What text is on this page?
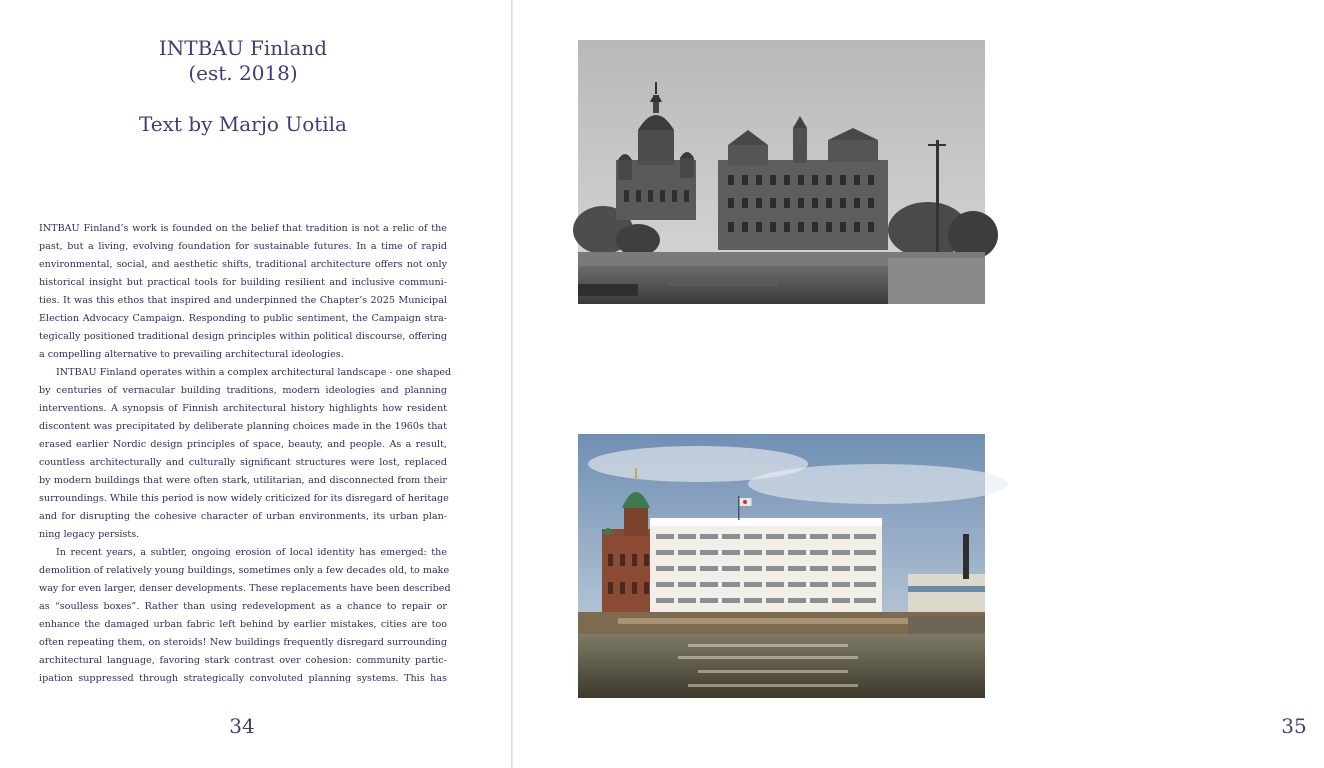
INTBAU Finland
(est. 2018)
Text by Marjo Uotila
INTBAU Finland’s work is founded on the belief that tradition is not a relic of the
past, but a living, evolving foundation for sustainable futures. In a time of rapid
environmental, social, and aesthetic shifts, traditional architecture offers not only
historical insight but practical tools for building resilient and inclusive communi-
ties. It was this ethos that inspired and underpinned the Chapter’s 2025 Municipal
Election Advocacy Campaign. Responding to public sentiment, the Campaign stra-
tegically positioned traditional design principles within political discourse, offering
a compelling alternative to prevailing architectural ideologies.
INTBAU Finland operates within a complex architectural landscape - one shaped
by centuries of vernacular building traditions, modern ideologies and planning
interventions. A synopsis of Finnish architectural history highlights how resident
discontent was precipitated by deliberate planning choices made in the 1960s that
erased earlier Nordic design principles of space, beauty, and people. As a result,
countless architecturally and culturally significant structures were lost, replaced
by modern buildings that were often stark, utilitarian, and disconnected from their
surroundings. While this period is now widely criticized for its disregard of heritage
and for disrupting the cohesive character of urban environments, its urban plan-
ning legacy persists.
In recent years, a subtler, ongoing erosion of local identity has emerged: the
demolition of relatively young buildings, sometimes only a few decades old, to make
way for even larger, denser developments. These replacements have been described
as “soulless boxes”. Rather than using redevelopment as a chance to repair or
enhance the damaged urban fabric left behind by earlier mistakes, cities are too
often repeating them, on steroids! New buildings frequently disregard surrounding
architectural language, favoring stark contrast over cohesion: community partic-
ipation suppressed through strategically convoluted planning systems. This has
34	35
